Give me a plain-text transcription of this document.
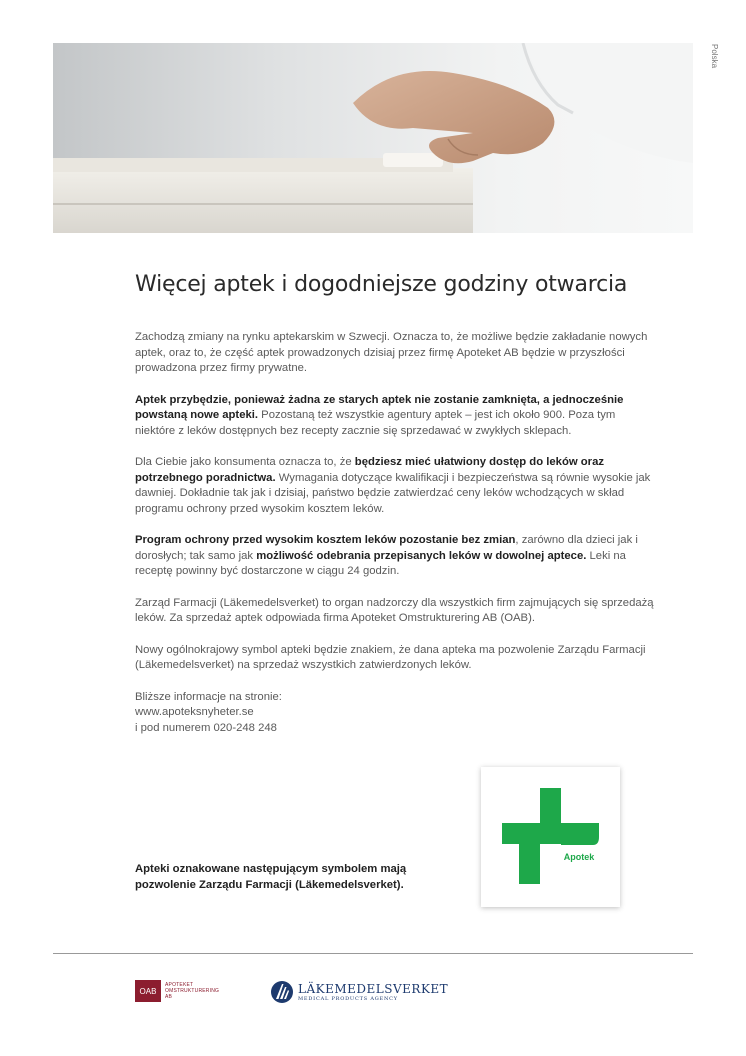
Polska
Więcej aptek i dogodniejsze godziny otwarcia

Zachodzą zmiany na rynku aptekarskim w Szwecji. Oznacza to, że możliwe będzie zakładanie nowych aptek, oraz to, że część aptek prowadzonych dzisiaj przez firmę Apoteket AB będzie w przyszłości prowadzona przez firmy prywatne.

Aptek przybędzie, ponieważ żadna ze starych aptek nie zostanie zamknięta, a jednocześnie powstaną nowe apteki. Pozostaną też wszystkie agentury aptek – jest ich około 900. Poza tym niektóre z leków dostępnych bez recepty zacznie się sprzedawać w zwykłych sklepach.

Dla Ciebie jako konsumenta oznacza to, że będziesz mieć ułatwiony dostęp do leków oraz potrzebnego poradnictwa. Wymagania dotyczące kwalifikacji i bezpieczeństwa są równie wysokie jak dawniej. Dokładnie tak jak i dzisiaj, państwo będzie zatwierdzać ceny leków wchodzących w skład programu ochrony przed wysokim kosztem leków.

Program ochrony przed wysokim kosztem leków pozostanie bez zmian, zarówno dla dzieci jak i dorosłych; tak samo jak możliwość odebrania przepisanych leków w dowolnej aptece. Leki na receptę powinny być dostarczone w ciągu 24 godzin.

Zarząd Farmacji (Läkemedelsverket) to organ nadzorczy dla wszystkich firm zajmujących się sprzedażą leków. Za sprzedaż aptek odpowiada firma Apoteket Omstrukturering AB (OAB).

Nowy ogólnokrajowy symbol apteki będzie znakiem, że dana apteka ma pozwolenie Zarządu Farmacji (Läkemedelsverket) na sprzedaż wszystkich zatwierdzonych leków.

Bliższe informacje na stronie:
www.apoteksnyheter.se
i pod numerem 020-248 248

Apteki oznakowane następującym symbolem mają pozwolenie Zarządu Farmacji (Läkemedelsverket).
Apotek
OAB
APOTEKET
OMSTRUKTURERING
AB
LÄKEMEDELSVERKET
MEDICAL PRODUCTS AGENCY
